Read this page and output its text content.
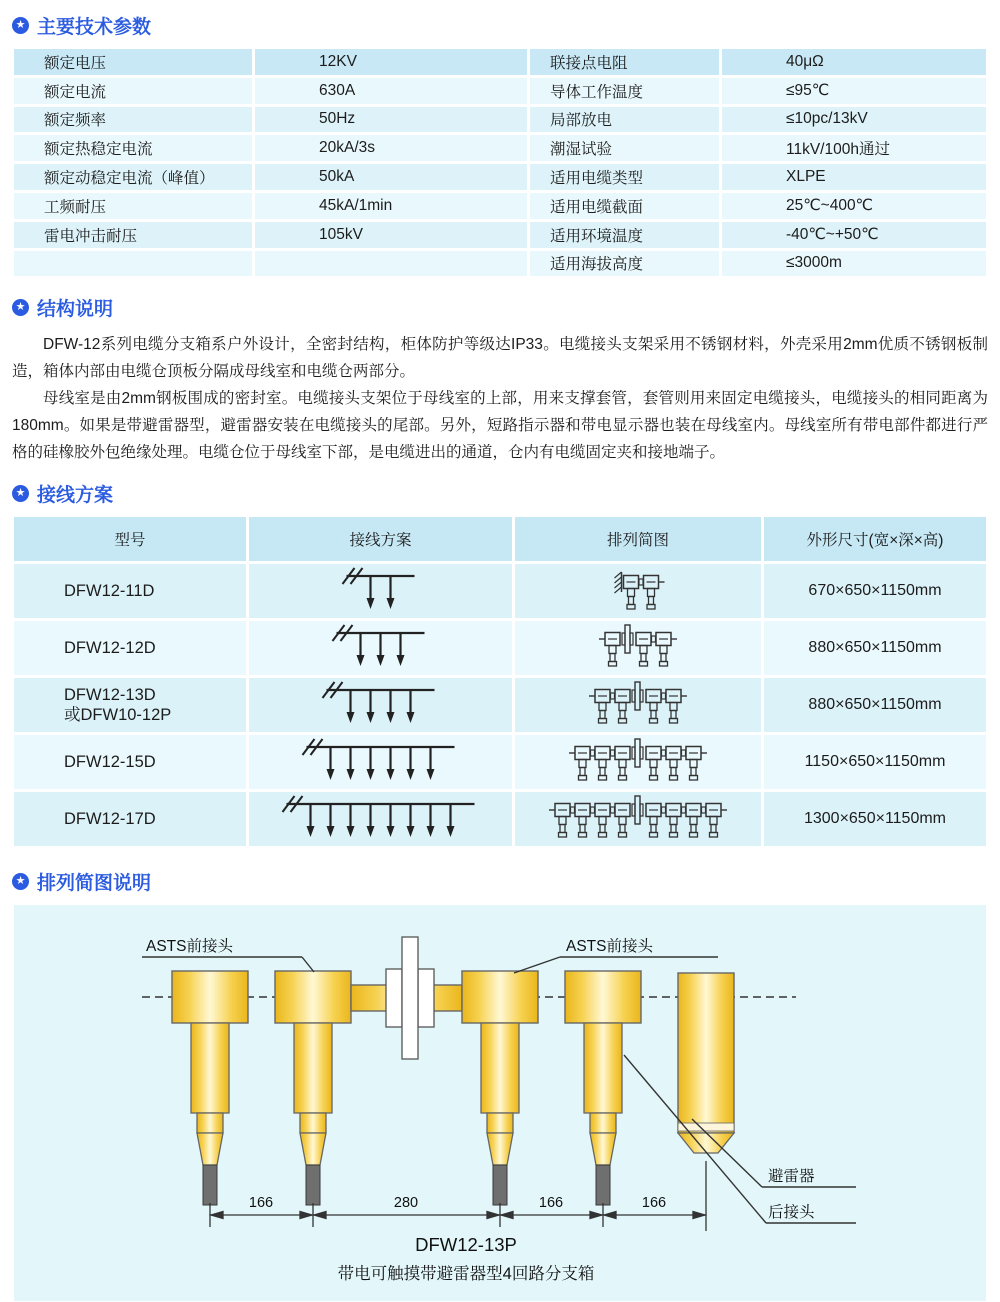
★ 主要技术参数
额定电压	12KV	联接点电阻	40μΩ
额定电流	630A	导体工作温度	≤95℃
额定频率	50Hz	局部放电	≤10pc/13kV
额定热稳定电流	20kA/3s	潮湿试验	11kV/100h通过
额定动稳定电流（峰值）	50kA	适用电缆类型	XLPE
工频耐压	45kA/1min	适用电缆截面	25℃~400℃
雷电冲击耐压	105kV	适用环境温度	-40℃~+50℃
适用海拔高度	≤3000m
★ 结构说明

DFW-12系列电缆分支箱系户外设计，全密封结构，柜体防护等级达IP33。电缆接头支架采用不锈钢材料，外壳采用2mm优质不锈钢板制造，箱体内部由电缆仓顶板分隔成母线室和电缆仓两部分。

母线室是由2mm钢板围成的密封室。电缆接头支架位于母线室的上部，用来支撑套管，套管则用来固定电缆接头，电缆接头的相同距离为180mm。如果是带避雷器型，避雷器安装在电缆接头的尾部。另外，短路指示器和带电显示器也装在母线室内。母线室所有带电部件都进行严格的硅橡胶外包绝缘处理。电缆仓位于母线室下部，是电缆进出的通道，仓内有电缆固定夹和接地端子。

★ 接线方案
型号	接线方案	排列简图	外形尺寸(宽×深×高)
DFW12-11D	670×650×1150mm
DFW12-12D	880×650×1150mm
DFW12-13D
或DFW10-12P
880×650×1150mm
DFW12-15D	1150×650×1150mm
DFW12-17D	1300×650×1150mm
★ 排列简图说明
ASTS前接头	ASTS前接头
避雷器
后接头
166	280	166	166
DFW12-13P
带电可触摸带避雷器型4回路分支箱
